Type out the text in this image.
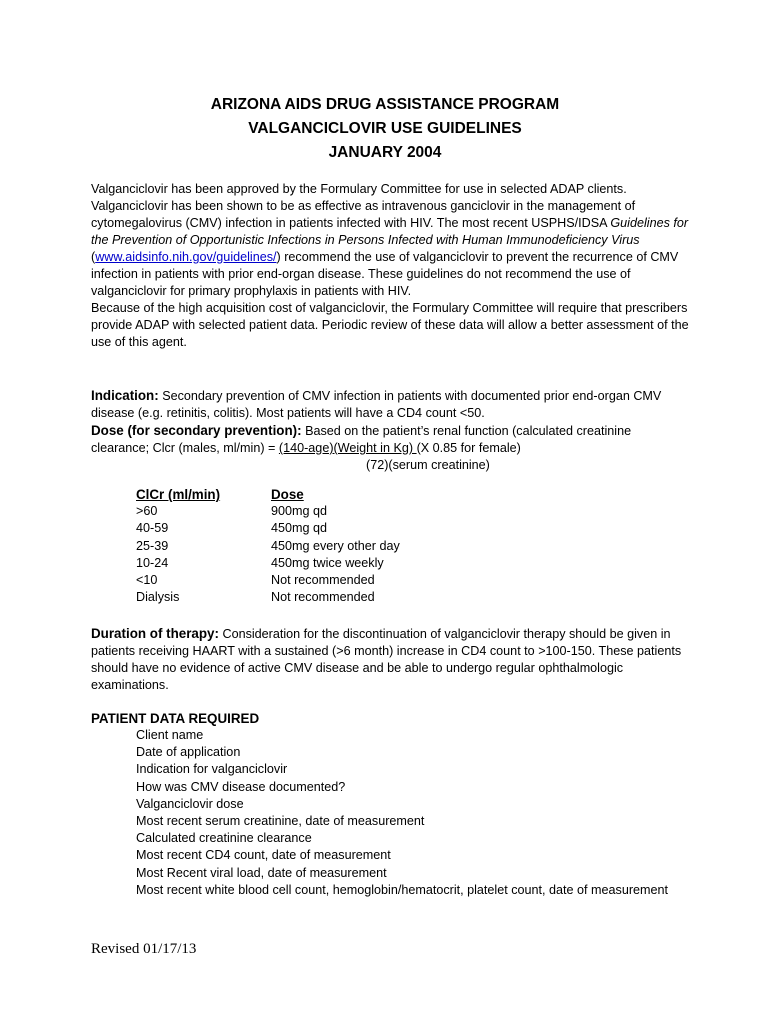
ARIZONA AIDS DRUG ASSISTANCE PROGRAM

VALGANCICLOVIR USE GUIDELINES

JANUARY 2004

Valganciclovir has been approved by the Formulary Committee for use in selected ADAP clients. Valganciclovir has been shown to be as effective as intravenous ganciclovir in the management of cytomegalovirus (CMV) infection in patients infected with HIV. The most recent USPHS/IDSA Guidelines for the Prevention of Opportunistic Infections in Persons Infected with Human Immunodeficiency Virus (www.aidsinfo.nih.gov/guidelines/) recommend the use of valganciclovir to prevent the recurrence of CMV infection in patients with prior end-organ disease. These guidelines do not recommend the use of valganciclovir for primary prophylaxis in patients with HIV.

Because of the high acquisition cost of valganciclovir, the Formulary Committee will require that prescribers provide ADAP with selected patient data. Periodic review of these data will allow a better assessment of the use of this agent.

Indication: Secondary prevention of CMV infection in patients with documented prior end-organ CMV disease (e.g. retinitis, colitis). Most patients will have a CD4 count <50.

Dose (for secondary prevention): Based on the patient’s renal function (calculated creatinine clearance; Clcr (males, ml/min) = (140-age)(Weight in Kg) (X 0.85 for female)
(72)(serum creatinine)

ClCr (ml/min)	Dose
>60	900mg qd
40-59	450mg qd
25-39	450mg every other day
10-24	450mg twice weekly
<10	Not recommended
Dialysis	Not recommended

Duration of therapy: Consideration for the discontinuation of valganciclovir therapy should be given in patients receiving HAART with a sustained (>6 month) increase in CD4 count to >100-150. These patients should have no evidence of active CMV disease and be able to undergo regular ophthalmologic examinations.

PATIENT DATA REQUIRED

Client name
Date of application
Indication for valganciclovir
How was CMV disease documented?
Valganciclovir dose
Most recent serum creatinine, date of measurement
Calculated creatinine clearance
Most recent CD4 count, date of measurement
Most Recent viral load, date of measurement
Most recent white blood cell count, hemoglobin/hematocrit, platelet count, date of measurement

Revised 01/17/13
